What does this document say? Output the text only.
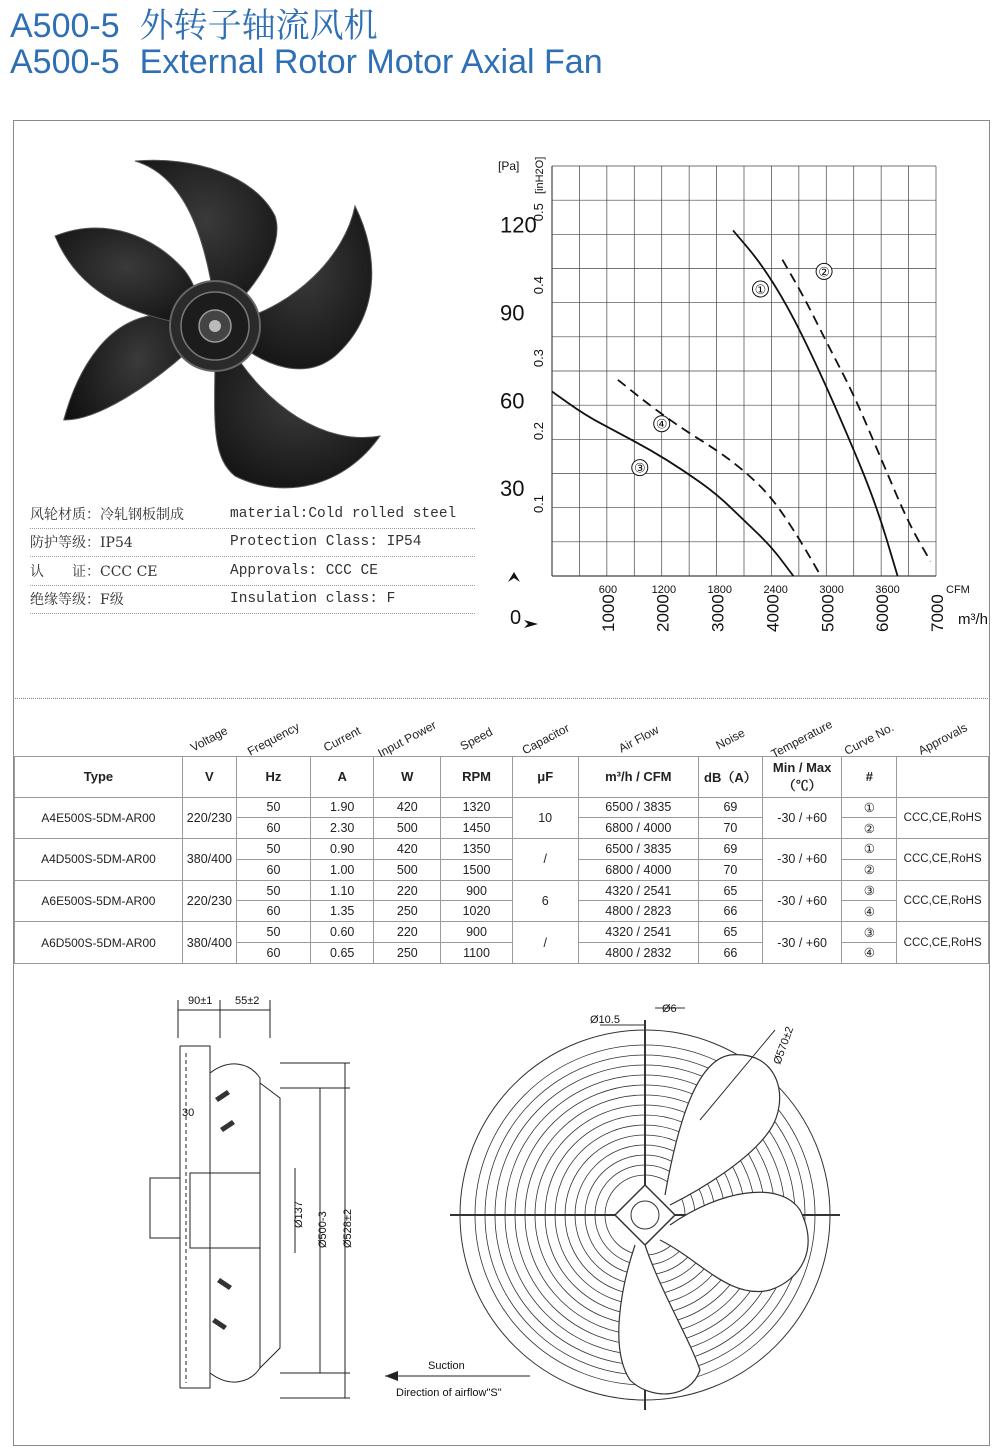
A500-5 外转子轴流风机
A500-5 External Rotor Motor Axial Fan
风轮材质：冷轧钢板制成	material:Cold rolled steel
防护等级：IP54	Protection Class: IP54
认　　证：CCC CE	Approvals: CCC CE
绝缘等级：F级	Insulation class: F
[Pa] [inH2O]
30
60
90
120
0.1
0.2
0.3
0.4
0.5
600	1200	1800	2400	3000	3600	CFM
1000 2000 3000 4000 5000 6000 7000 m³/h
0
①
②
③
④
	Voltage	Frequency	Current	Input Power	Speed	Capacitor	Air Flow	Noise	Temperature	Curve No.	Approvals
Type	V	Hz	A	W	RPM	μF	m³/h / CFM	dB（A）	Min / Max（℃）	#	
A4E500S-5DM-AR00	220/230	50	1.90	420	1320	10	6500 / 3835	69	-30 / +60	①	CCC,CE,RoHS
		60	2.30	500	1450		6800 / 4000	70		②	
A4D500S-5DM-AR00	380/400	50	0.90	420	1350	/	6500 / 3835	69	-30 / +60	①	CCC,CE,RoHS
		60	1.00	500	1500		6800 / 4000	70		②	
A6E500S-5DM-AR00	220/230	50	1.10	220	900	6	4320 / 2541	65	-30 / +60	③	CCC,CE,RoHS
		60	1.35	250	1020		4800 / 2823	66		④	
A6D500S-5DM-AR00	380/400	50	0.60	220	900	/	4320 / 2541	65	-30 / +60	③	CCC,CE,RoHS
		60	0.65	250	1100		4800 / 2832	66		④	
90±1 55±2
30
Ø137 Ø500-3 Ø528±2
Suction
Direction of airflow"S"
Ø10.5
Ø6
Ø570±2
